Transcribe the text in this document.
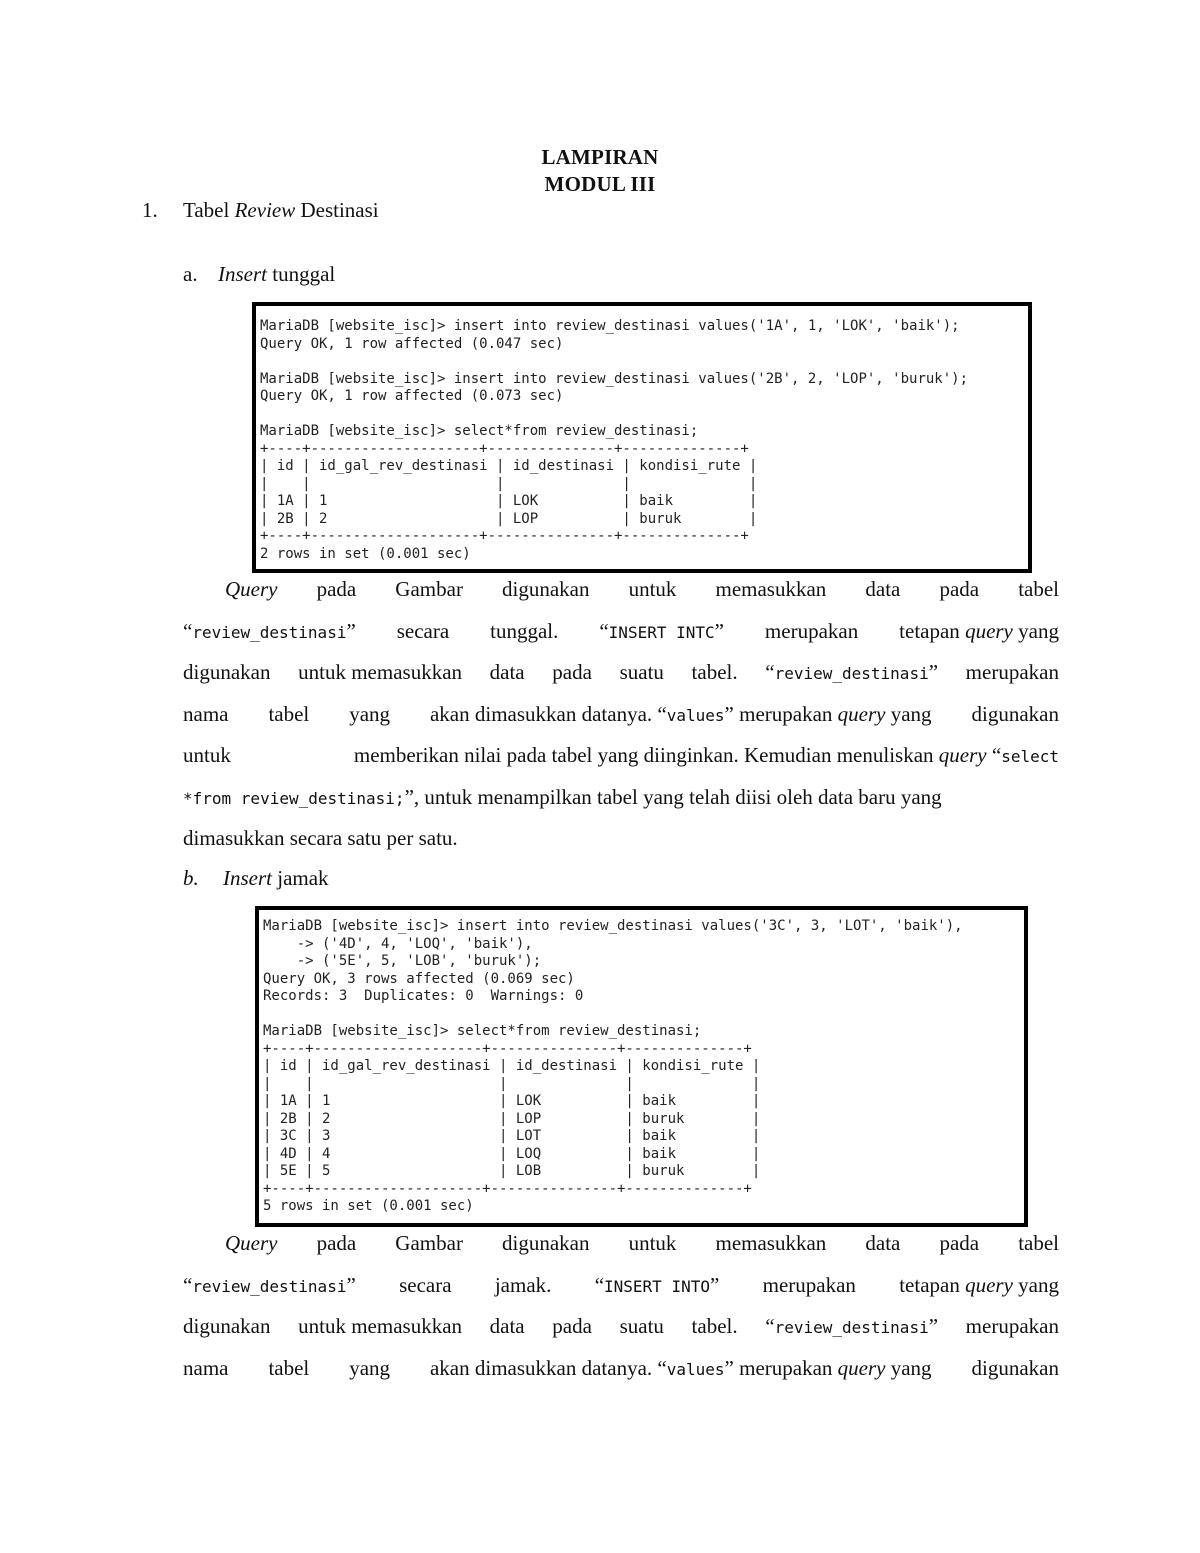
LAMPIRAN
MODUL III
1. Tabel Review Destinasi
a. Insert tunggal
MariaDB [website_isc]> insert into review_destinasi values('1A', 1, 'LOK', 'baik');
Query OK, 1 row affected (0.047 sec)

MariaDB [website_isc]> insert into review_destinasi values('2B', 2, 'LOP', 'buruk');
Query OK, 1 row affected (0.073 sec)

MariaDB [website_isc]> select*from review_destinasi;
+----+--------------------+---------------+--------------+
| id | id_gal_rev_destinasi | id_destinasi | kondisi_rute |
|    |                      |              |              |
| 1A | 1                    | LOK          | baik         |
| 2B | 2                    | LOP          | buruk        |
+----+--------------------+---------------+--------------+
2 rows in set (0.001 sec)
Query pada Gambar digunakan untuk memasukkan data pada tabel
“review_destinasi” secara tunggal. “INSERT INTC” merupakan tetapan query yang
digunakan untuk memasukkan data pada suatu tabel. “review_destinasi” merupakan
nama tabel yang akan dimasukkan datanya. “values” merupakan query yang digunakan
untuk	memberikan nilai pada tabel yang diinginkan. Kemudian menuliskan query “select
*from review_destinasi;”, untuk menampilkan tabel yang telah diisi oleh data baru yang
dimasukkan secara satu per satu.
b. Insert jamak
MariaDB [website_isc]> insert into review_destinasi values('3C', 3, 'LOT', 'baik'),
-> ('4D', 4, 'LOQ', 'baik'),
-> ('5E', 5, 'LOB', 'buruk');
Query OK, 3 rows affected (0.069 sec)
Records: 3  Duplicates: 0  Warnings: 0

MariaDB [website_isc]> select*from review_destinasi;
+----+--------------------+---------------+--------------+
| id | id_gal_rev_destinasi | id_destinasi | kondisi_rute |
|    |                      |              |              |
| 1A | 1                    | LOK          | baik         |
| 2B | 2                    | LOP          | buruk        |
| 3C | 3                    | LOT          | baik         |
| 4D | 4                    | LOQ          | baik         |
| 5E | 5                    | LOB          | buruk        |
+----+--------------------+---------------+--------------+
5 rows in set (0.001 sec)
Query pada Gambar digunakan untuk memasukkan data pada tabel
“review_destinasi” secara jamak. “INSERT INTO” merupakan tetapan query yang
digunakan untuk memasukkan data pada suatu tabel. “review_destinasi” merupakan
nama tabel yang akan dimasukkan datanya. “values” merupakan query yang digunakan
